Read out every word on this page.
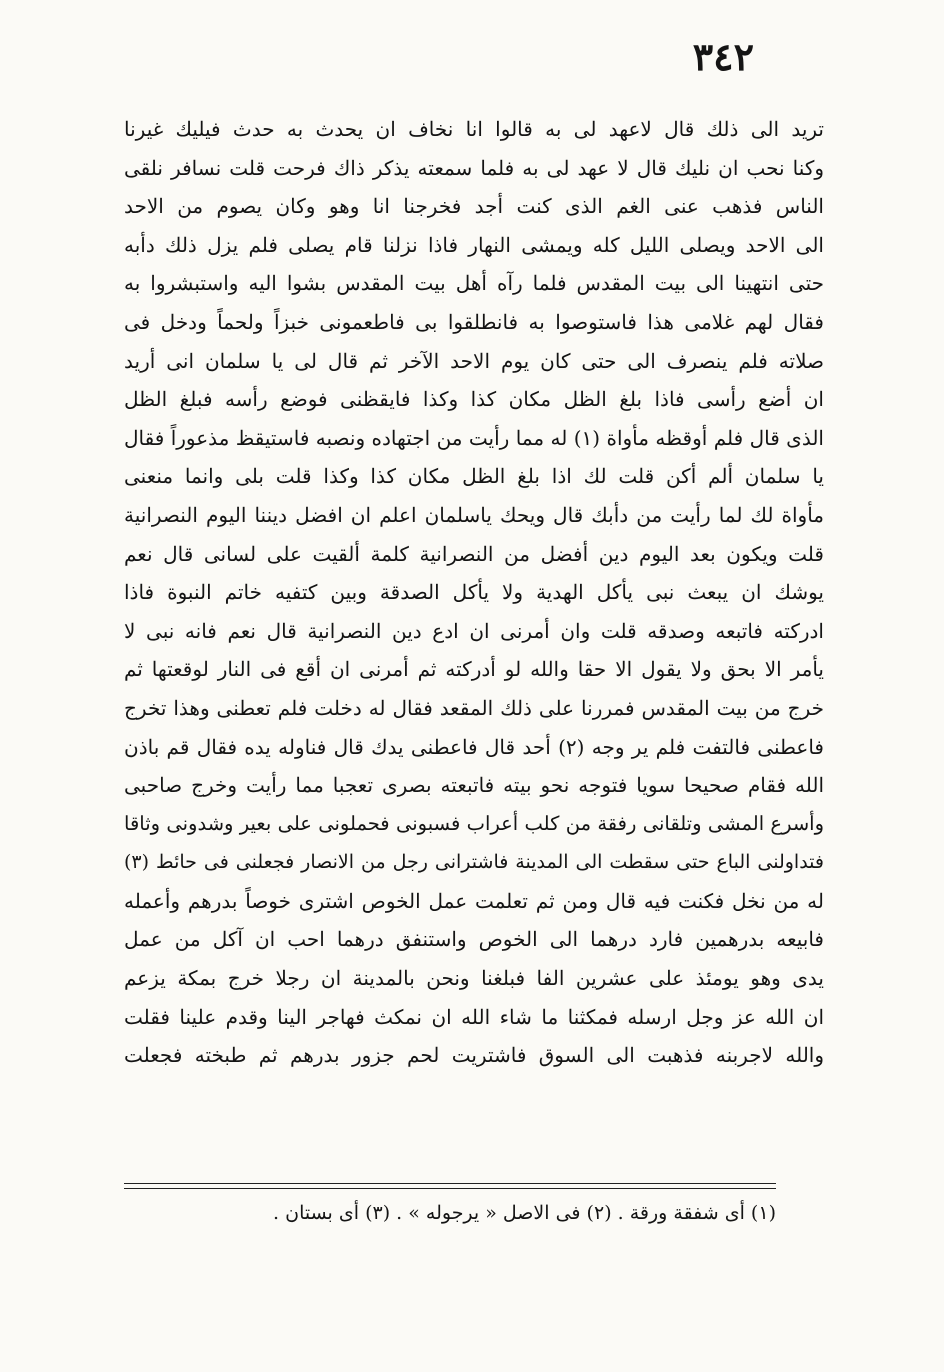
٣٤٢
تريد الى ذلك قال لاعهد لى به قالوا انا نخاف ان يحدث به حدث فيليك غيرنا
وكنا نحب ان نليك قال لا عهد لى به فلما سمعته يذكر ذاك فرحت قلت نسافر نلقى
الناس فذهب عنى الغم الذى كنت أجد فخرجنا انا وهو وكان يصوم من الاحد
الى الاحد ويصلى الليل كله ويمشى النهار فاذا نزلنا قام يصلى فلم يزل ذلك دأبه
حتى انتهينا الى بيت المقدس فلما رآه أهل بيت المقدس بشوا اليه واستبشروا به
فقال لهم غلامى هذا فاستوصوا به فانطلقوا بى فاطعمونى خبزاً ولحماً ودخل فى
صلاته فلم ينصرف الى حتى كان يوم الاحد الآخر ثم قال لى يا سلمان انى أريد
ان أضع رأسى فاذا بلغ الظل مكان كذا وكذا فايقظنى فوضع رأسه فبلغ الظل
الذى قال فلم أوقظه مأواة (١) له مما رأيت من اجتهاده ونصبه فاستيقظ مذعوراً فقال
يا سلمان ألم أكن قلت لك اذا بلغ الظل مكان كذا وكذا قلت بلى وانما منعنى
مأواة لك لما رأيت من دأبك قال ويحك ياسلمان اعلم ان افضل ديننا اليوم النصرانية
قلت ويكون بعد اليوم دين أفضل من النصرانية كلمة ألقيت على لسانى قال نعم
يوشك ان يبعث نبى يأكل الهدية ولا يأكل الصدقة وبين كتفيه خاتم النبوة فاذا
ادركته فاتبعه وصدقه قلت وان أمرنى ان ادع دين النصرانية قال نعم فانه نبى لا
يأمر الا بحق ولا يقول الا حقا والله لو أدركته ثم أمرنى ان أقع فى النار لوقعتها ثم
خرج من بيت المقدس فمررنا على ذلك المقعد فقال له دخلت فلم تعطنى وهذا تخرج
فاعطنى فالتفت فلم ير وجه (٢) أحد قال فاعطنى يدك قال فناوله يده فقال قم باذن
الله فقام صحيحا سويا فتوجه نحو بيته فاتبعته بصرى تعجبا مما رأيت وخرج صاحبى
وأسرع المشى وتلقانى رفقة من كلب أعراب فسبونى فحملونى على بعير وشدونى وثاقا
فتداولنى الباع حتى سقطت الى المدينة فاشترانى رجل من الانصار فجعلنى فى حائط (٣)
له من نخل فكنت فيه قال ومن ثم تعلمت عمل الخوص اشترى خوصاً بدرهم وأعمله
فابيعه بدرهمين فارد درهما الى الخوص واستنفق درهما احب ان آكل من عمل
يدى وهو يومئذ على عشرين الفا فبلغنا ونحن بالمدينة ان رجلا خرج بمكة يزعم
ان الله عز وجل ارسله فمكثنا ما شاء الله ان نمكث فهاجر الينا وقدم علينا فقلت
والله لاجربنه فذهبت الى السوق فاشتريت لحم جزور بدرهم ثم طبخته فجعلت
(١) أى شفقة ورقة . (٢) فى الاصل « يرجوله » . (٣) أى بستان .
